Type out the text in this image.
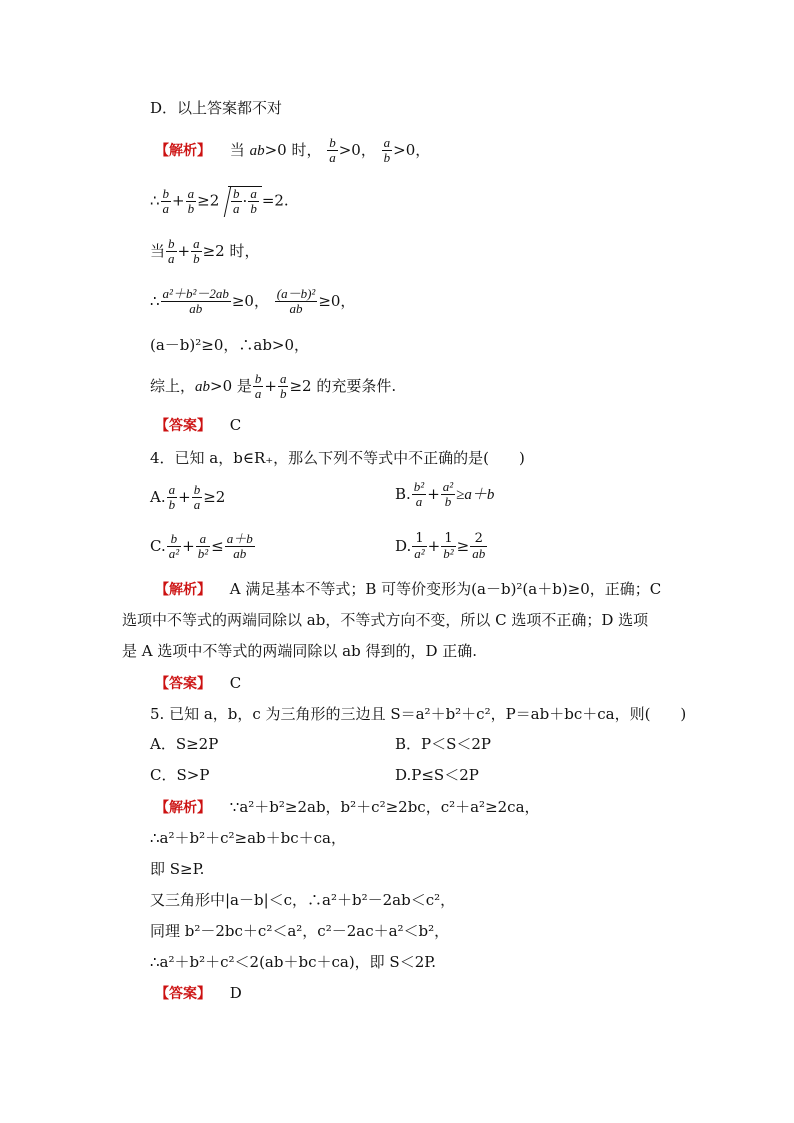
D．以上答案都不对
【解析】 当 ab>0 时， $\frac{b}{a} >0$， $\frac{a}{b} >0$，
∴ $\frac{b}{a} + \frac{a}{b} \ge 2 \frac{b}{a} \cdot \frac{a}{b} =2$.
当 $\frac{b}{a} + \frac{a}{b} \ge 2$ 时，
∴ $\frac{\text{a²＋b²－2ab}}{ab} \ge 0$， $\frac{\text{(a－b)²}}{ab} \ge 0$，
(a－b)²≥0，∴ab>0，
综上，ab>0 是 $\frac{b}{a} + \frac{a}{b} \ge 2$ 的充要条件.
【答案】 C
4．已知 a，b∈R₊，那么下列不等式中不正确的是(　　)
A. $\frac{a}{b} + \frac{b}{a} \ge 2$	B. $\frac{\text{b²}}{a} + \frac{\text{a²}}{b} \ge a+b$
C. $\frac{b}{\text{a²}} + \frac{a}{\text{b²}} \le \frac{a+b}{ab}$	D. $\frac{1}{\text{a²}} + \frac{1}{\text{b²}} \ge \frac{2}{ab}$
【解析】 A 满足基本不等式；B 可等价变形为(a－b)²(a＋b)≥0，正确；C
选项中不等式的两端同除以 ab，不等式方向不变，所以 C 选项不正确；D 选项
是 A 选项中不等式的两端同除以 ab 得到的，D 正确.
【答案】 C
5. 已知 a，b，c 为三角形的三边且 S＝a²＋b²＋c²，P＝ab＋bc＋ca，则(　　)
A．S≥2P	B．P＜S＜2P
C．S>P	D.P≤S＜2P
【解析】 ∵a²＋b²≥2ab，b²＋c²≥2bc，c²＋a²≥2ca，
∴a²＋b²＋c²≥ab＋bc＋ca，
即 S≥P.
又三角形中|a－b|＜c，∴a²＋b²－2ab＜c²，
同理 b²－2bc＋c²＜a²，c²－2ac＋a²＜b²，
∴a²＋b²＋c²＜2(ab＋bc＋ca)，即 S＜2P.
【答案】 D
